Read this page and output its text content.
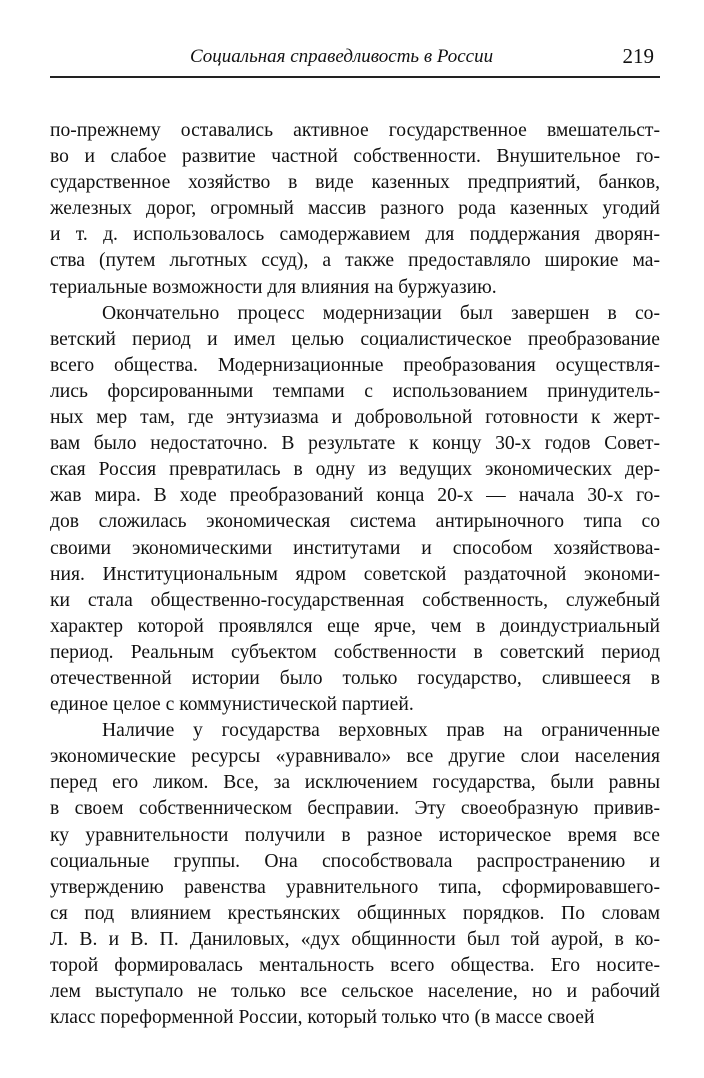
Социальная справедливость в России	219
по-прежнему оставались активное государственное вмешательст-
во и слабое развитие частной собственности. Внушительное го-
сударственное хозяйство в виде казенных предприятий, банков,
железных дорог, огромный массив разного рода казенных угодий
и т. д. использовалось самодержавием для поддержания дворян-
ства (путем льготных ссуд), а также предоставляло широкие ма-
териальные возможности для влияния на буржуазию.
Окончательно процесс модернизации был завершен в со-
ветский период и имел целью социалистическое преобразование
всего общества. Модернизационные преобразования осуществля-
лись форсированными темпами с использованием принудитель-
ных мер там, где энтузиазма и добровольной готовности к жерт-
вам было недостаточно. В результате к концу 30-х годов Совет-
ская Россия превратилась в одну из ведущих экономических дер-
жав мира. В ходе преобразований конца 20-х — начала 30-х го-
дов сложилась экономическая система антирыночного типа со
своими экономическими институтами и способом хозяйствова-
ния. Институциональным ядром советской раздаточной экономи-
ки стала общественно-государственная собственность, служебный
характер которой проявлялся еще ярче, чем в доиндустриальный
период. Реальным субъектом собственности в советский период
отечественной истории было только государство, слившееся в
единое целое с коммунистической партией.
Наличие у государства верховных прав на ограниченные
экономические ресурсы «уравнивало» все другие слои населения
перед его ликом. Все, за исключением государства, были равны
в своем собственническом бесправии. Эту своеобразную привив-
ку уравнительности получили в разное историческое время все
социальные группы. Она способствовала распространению и
утверждению равенства уравнительного типа, сформировавшего-
ся под влиянием крестьянских общинных порядков. По словам
Л. В. и В. П. Даниловых, «дух общинности был той аурой, в ко-
торой формировалась ментальность всего общества. Его носите-
лем выступало не только все сельское население, но и рабочий
класс пореформенной России, который только что (в массе своей
